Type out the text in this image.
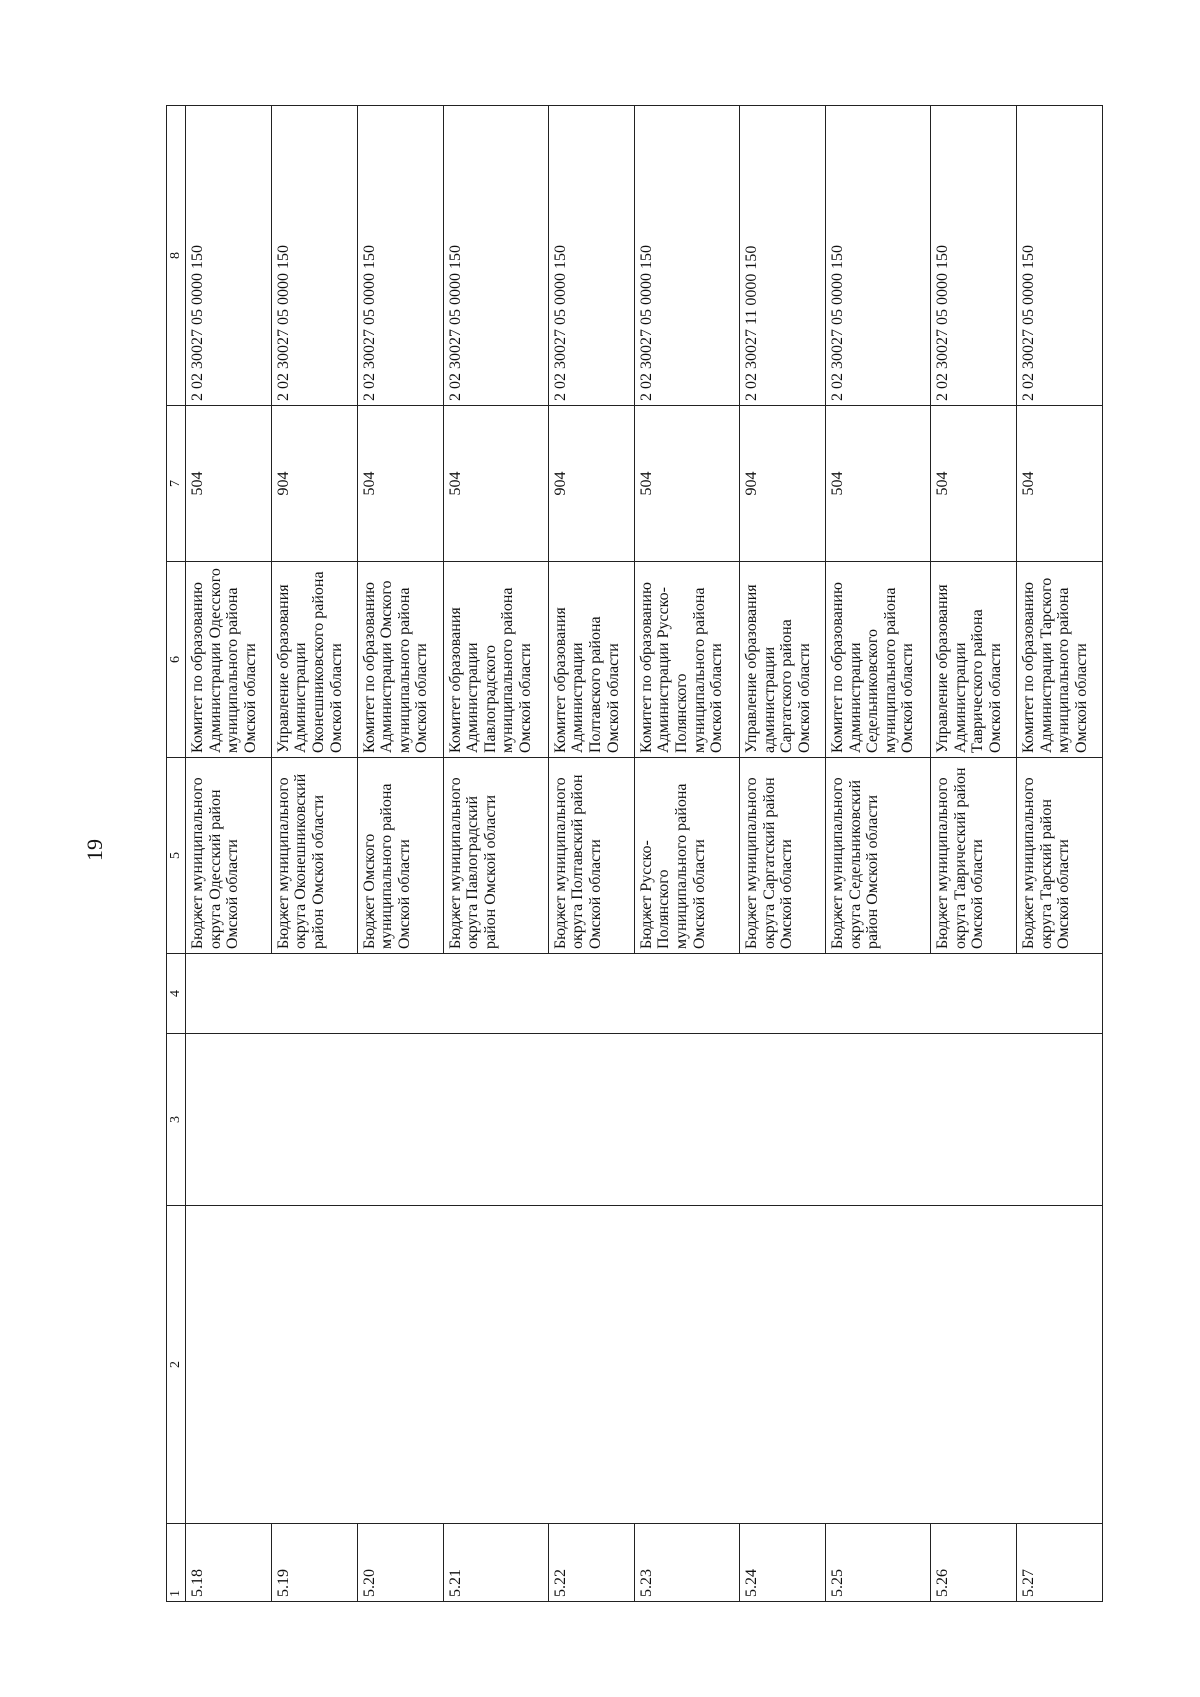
19
1	2	3	4	5	6	7	8
5.18				Бюджет муниципального округа Одесский район Омской области	Комитет по образованию Администрации Одесского муниципального района Омской области	504	2 02 30027 05 0000 150
5.19				Бюджет муниципального округа Оконешниковский район Омской области	Управление образования Администрации Оконешниковского района Омской области	904	2 02 30027 05 0000 150
5.20				Бюджет Омского муниципального района Омской области	Комитет по образованию Администрации Омского муниципального района Омской области	504	2 02 30027 05 0000 150
5.21				Бюджет муниципального округа Павлоградский район Омской области	Комитет образования Администрации Павлоградского муниципального района Омской области	504	2 02 30027 05 0000 150
5.22				Бюджет муниципального округа Полтавский район Омской области	Комитет образования Администрации Полтавского района Омской области	904	2 02 30027 05 0000 150
5.23				Бюджет Русско-Полянского муниципального района Омской области	Комитет по образованию Администрации Русско-Полянского муниципального района Омской области	504	2 02 30027 05 0000 150
5.24				Бюджет муниципального округа Саргатский район Омской области	Управление образования администрации Саргатского района Омской области	904	2 02 30027 11 0000 150
5.25				Бюджет муниципального округа Седельниковский район Омской области	Комитет по образованию Администрации Седельниковского муниципального района Омской области	504	2 02 30027 05 0000 150
5.26				Бюджет муниципального округа Таврический район Омской области	Управление образования Администрации Таврического района Омской области	504	2 02 30027 05 0000 150
5.27				Бюджет муниципального округа Тарский район Омской области	Комитет по образованию Администрации Тарского муниципального района Омской области	504	2 02 30027 05 0000 150
